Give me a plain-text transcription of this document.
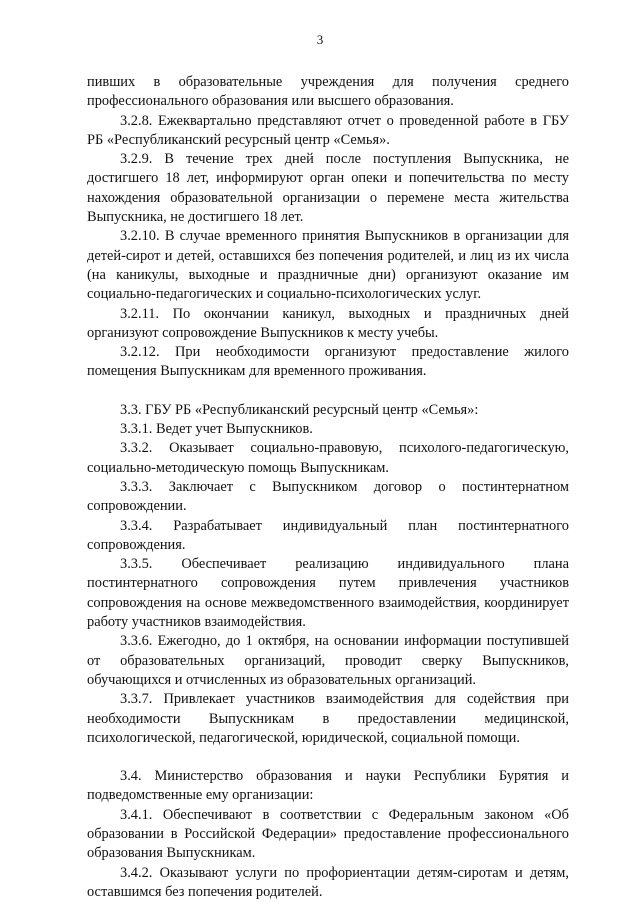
3

пивших в образовательные учреждения для получения среднего профессионального образования или высшего образования.

3.2.8. Ежеквартально представляют отчет о проведенной работе в ГБУ РБ «Республиканский ресурсный центр «Семья».

3.2.9. В течение трех дней после поступления Выпускника, не достигшего 18 лет, информируют орган опеки и попечительства по месту нахождения образовательной организации о перемене места жительства Выпускника, не достигшего 18 лет.

3.2.10. В случае временного принятия Выпускников в организации для детей-сирот и детей, оставшихся без попечения родителей, и лиц из их числа (на каникулы, выходные и праздничные дни) организуют оказание им социально-педагогических и социально-психологических услуг.

3.2.11. По окончании каникул, выходных и праздничных дней организуют сопровождение Выпускников к месту учебы.

3.2.12. При необходимости организуют предоставление жилого помещения Выпускникам для временного проживания.

3.3. ГБУ РБ «Республиканский ресурсный центр «Семья»:

3.3.1. Ведет учет Выпускников.

3.3.2. Оказывает социально-правовую, психолого-педагогическую, социально-методическую помощь Выпускникам.

3.3.3. Заключает с Выпускником договор о постинтернатном сопровождении.

3.3.4. Разрабатывает индивидуальный план постинтернатного сопровождения.

3.3.5. Обеспечивает реализацию индивидуального плана постинтернатного сопровождения путем привлечения участников сопровождения на основе межведомственного взаимодействия, координирует работу участников взаимодействия.

3.3.6. Ежегодно, до 1 октября, на основании информации поступившей от образовательных организаций, проводит сверку Выпускников, обучающихся и отчисленных из образовательных организаций.

3.3.7. Привлекает участников взаимодействия для содействия при необходимости Выпускникам в предоставлении медицинской, психологической, педагогической, юридической, социальной помощи.

3.4. Министерство образования и науки Республики Бурятия и подведомственные ему организации:

3.4.1. Обеспечивают в соответствии с Федеральным законом «Об образовании в Российской Федерации» предоставление профессионального образования Выпускникам.

3.4.2. Оказывают услуги по профориентации детям-сиротам и детям, оставшимся без попечения родителей.
